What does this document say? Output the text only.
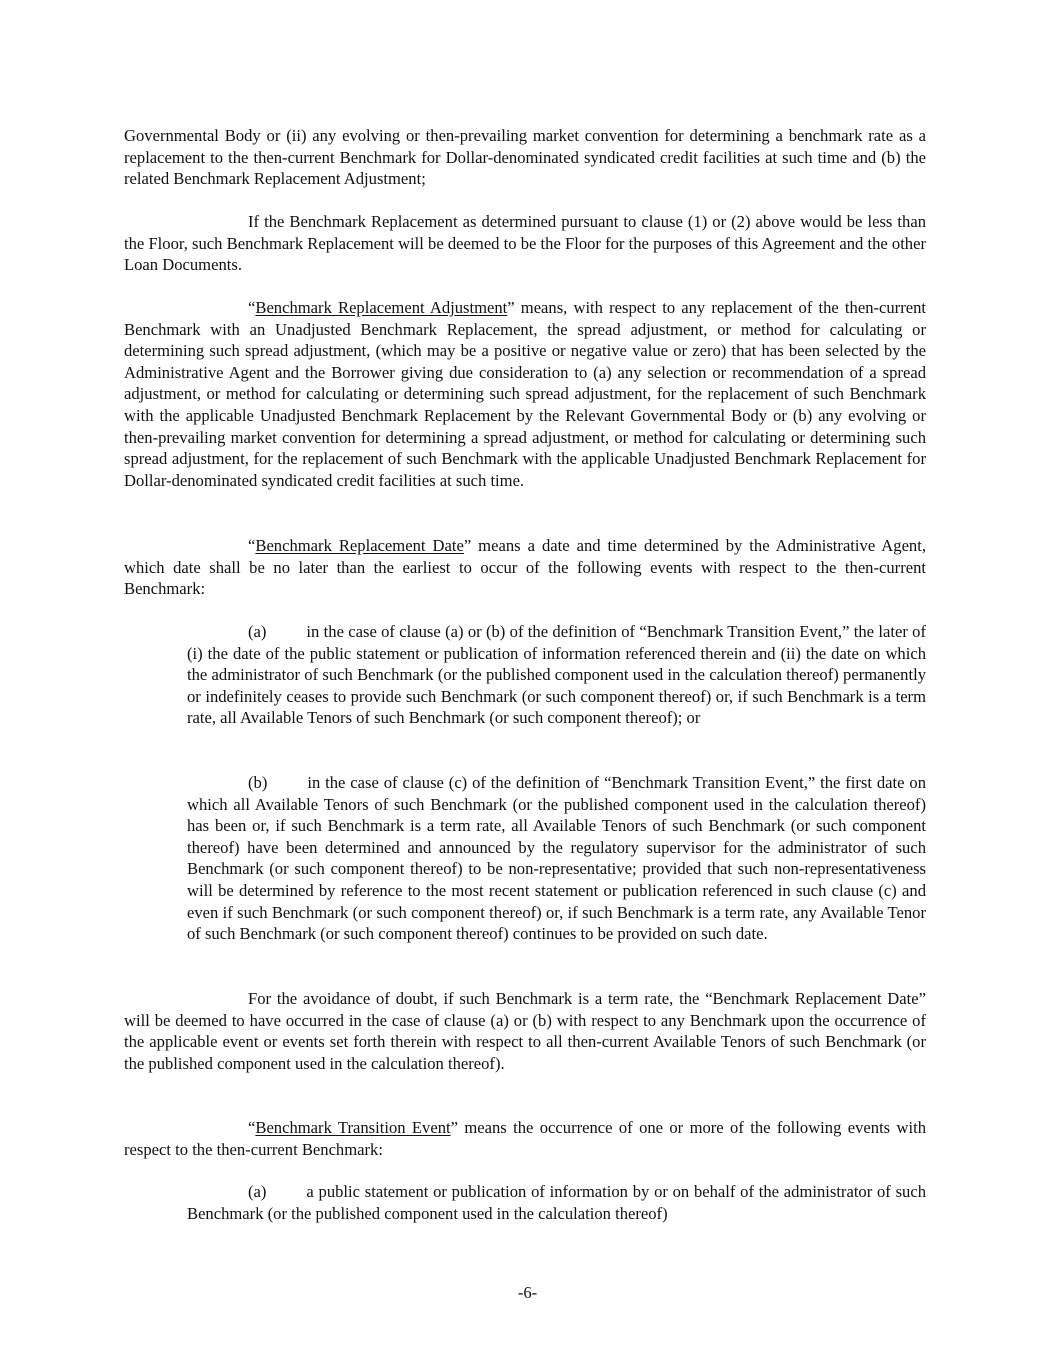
Governmental Body or (ii) any evolving or then-prevailing market convention for determining a benchmark rate as a replacement to the then-current Benchmark for Dollar-denominated syndicated credit facilities at such time and (b) the related Benchmark Replacement Adjustment;

If the Benchmark Replacement as determined pursuant to clause (1) or (2) above would be less than the Floor, such Benchmark Replacement will be deemed to be the Floor for the purposes of this Agreement and the other Loan Documents.

“Benchmark Replacement Adjustment” means, with respect to any replacement of the then-current Benchmark with an Unadjusted Benchmark Replacement, the spread adjustment, or method for calculating or determining such spread adjustment, (which may be a positive or negative value or zero) that has been selected by the Administrative Agent and the Borrower giving due consideration to (a) any selection or recommendation of a spread adjustment, or method for calculating or determining such spread adjustment, for the replacement of such Benchmark with the applicable Unadjusted Benchmark Replacement by the Relevant Governmental Body or (b) any evolving or then-prevailing market convention for determining a spread adjustment, or method for calculating or determining such spread adjustment, for the replacement of such Benchmark with the applicable Unadjusted Benchmark Replacement for Dollar-denominated syndicated credit facilities at such time.

“Benchmark Replacement Date” means a date and time determined by the Administrative Agent, which date shall be no later than the earliest to occur of the following events with respect to the then-current Benchmark:

(a) in the case of clause (a) or (b) of the definition of “Benchmark Transition Event,” the later of (i) the date of the public statement or publication of information referenced therein and (ii) the date on which the administrator of such Benchmark (or the published component used in the calculation thereof) permanently or indefinitely ceases to provide such Benchmark (or such component thereof) or, if such Benchmark is a term rate, all Available Tenors of such Benchmark (or such component thereof); or

(b) in the case of clause (c) of the definition of “Benchmark Transition Event,” the first date on which all Available Tenors of such Benchmark (or the published component used in the calculation thereof) has been or, if such Benchmark is a term rate, all Available Tenors of such Benchmark (or such component thereof) have been determined and announced by the regulatory supervisor for the administrator of such Benchmark (or such component thereof) to be non-representative; provided that such non-representativeness will be determined by reference to the most recent statement or publication referenced in such clause (c) and even if such Benchmark (or such component thereof) or, if such Benchmark is a term rate, any Available Tenor of such Benchmark (or such component thereof) continues to be provided on such date.

For the avoidance of doubt, if such Benchmark is a term rate, the “Benchmark Replacement Date” will be deemed to have occurred in the case of clause (a) or (b) with respect to any Benchmark upon the occurrence of the applicable event or events set forth therein with respect to all then-current Available Tenors of such Benchmark (or the published component used in the calculation thereof).

“Benchmark Transition Event” means the occurrence of one or more of the following events with respect to the then-current Benchmark:

(a) a public statement or publication of information by or on behalf of the administrator of such Benchmark (or the published component used in the calculation thereof)

-6-
